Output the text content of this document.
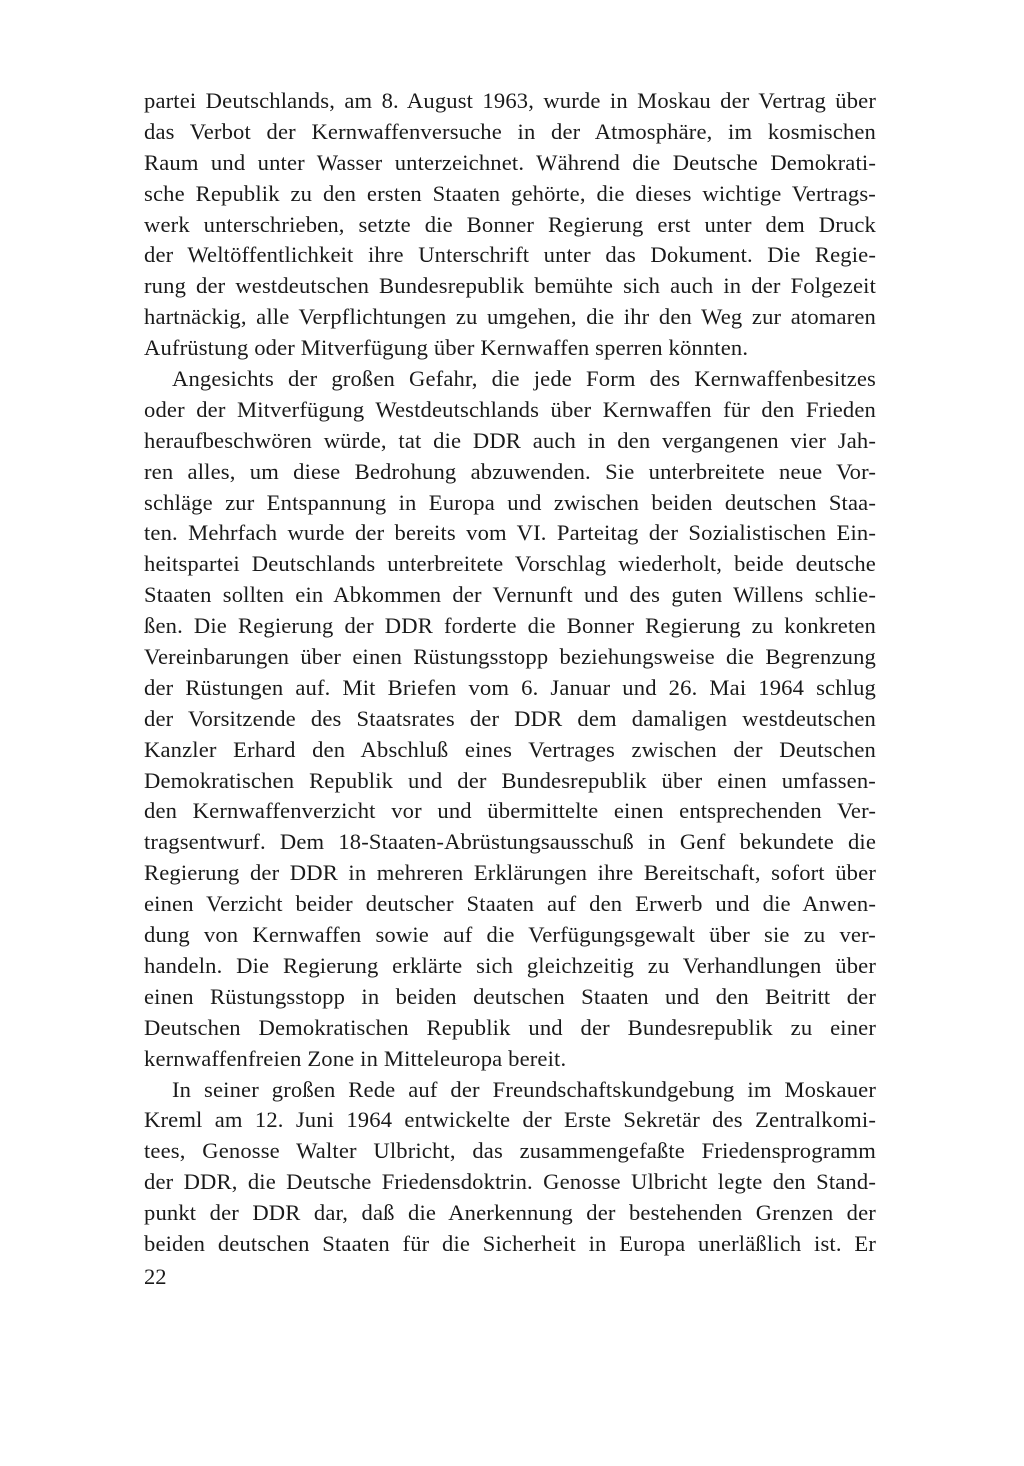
partei Deutschlands, am 8. August 1963, wurde in Moskau der Vertrag über
das Verbot der Kernwaffenversuche in der Atmosphäre, im kosmischen
Raum und unter Wasser unterzeichnet. Während die Deutsche Demokrati-
sche Republik zu den ersten Staaten gehörte, die dieses wichtige Vertrags-
werk unterschrieben, setzte die Bonner Regierung erst unter dem Druck
der Weltöffentlichkeit ihre Unterschrift unter das Dokument. Die Regie-
rung der westdeutschen Bundesrepublik bemühte sich auch in der Folgezeit
hartnäckig, alle Verpflichtungen zu umgehen, die ihr den Weg zur atomaren
Aufrüstung oder Mitverfügung über Kernwaffen sperren könnten.
Angesichts der großen Gefahr, die jede Form des Kernwaffenbesitzes
oder der Mitverfügung Westdeutschlands über Kernwaffen für den Frieden
heraufbeschwören würde, tat die DDR auch in den vergangenen vier Jah-
ren alles, um diese Bedrohung abzuwenden. Sie unterbreitete neue Vor-
schläge zur Entspannung in Europa und zwischen beiden deutschen Staa-
ten. Mehrfach wurde der bereits vom VI. Parteitag der Sozialistischen Ein-
heitspartei Deutschlands unterbreitete Vorschlag wiederholt, beide deutsche
Staaten sollten ein Abkommen der Vernunft und des guten Willens schlie-
ßen. Die Regierung der DDR forderte die Bonner Regierung zu konkreten
Vereinbarungen über einen Rüstungsstopp beziehungsweise die Begrenzung
der Rüstungen auf. Mit Briefen vom 6. Januar und 26. Mai 1964 schlug
der Vorsitzende des Staatsrates der DDR dem damaligen westdeutschen
Kanzler Erhard den Abschluß eines Vertrages zwischen der Deutschen
Demokratischen Republik und der Bundesrepublik über einen umfassen-
den Kernwaffenverzicht vor und übermittelte einen entsprechenden Ver-
tragsentwurf. Dem 18-Staaten-Abrüstungsausschuß in Genf bekundete die
Regierung der DDR in mehreren Erklärungen ihre Bereitschaft, sofort über
einen Verzicht beider deutscher Staaten auf den Erwerb und die Anwen-
dung von Kernwaffen sowie auf die Verfügungsgewalt über sie zu ver-
handeln. Die Regierung erklärte sich gleichzeitig zu Verhandlungen über
einen Rüstungsstopp in beiden deutschen Staaten und den Beitritt der
Deutschen Demokratischen Republik und der Bundesrepublik zu einer
kernwaffenfreien Zone in Mitteleuropa bereit.
In seiner großen Rede auf der Freundschaftskundgebung im Moskauer
Kreml am 12. Juni 1964 entwickelte der Erste Sekretär des Zentralkomi-
tees, Genosse Walter Ulbricht, das zusammengefaßte Friedensprogramm
der DDR, die Deutsche Friedensdoktrin. Genosse Ulbricht legte den Stand-
punkt der DDR dar, daß die Anerkennung der bestehenden Grenzen der
beiden deutschen Staaten für die Sicherheit in Europa unerläßlich ist. Er
22
